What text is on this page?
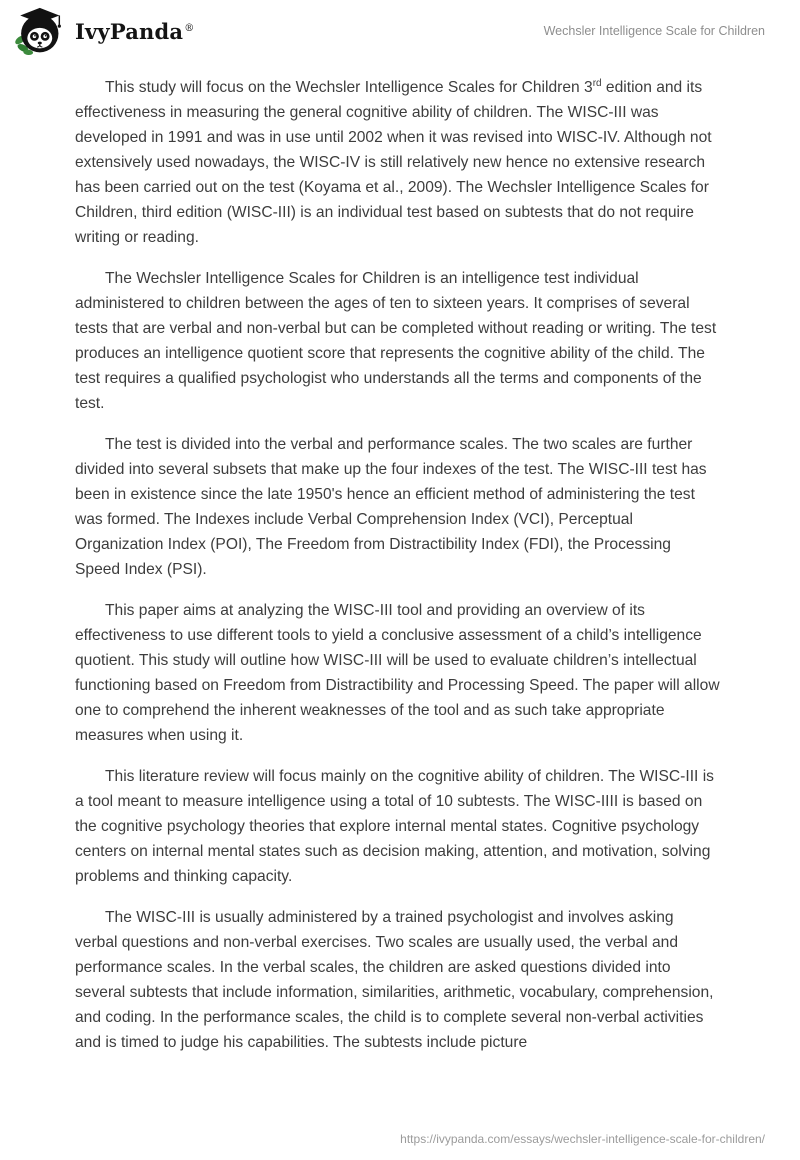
IvyPanda®	Wechsler Intelligence Scale for Children

This study will focus on the Wechsler Intelligence Scales for Children 3rd edition and its effectiveness in measuring the general cognitive ability of children. The WISC-III was developed in 1991 and was in use until 2002 when it was revised into WISC-IV. Although not extensively used nowadays, the WISC-IV is still relatively new hence no extensive research has been carried out on the test (Koyama et al., 2009). The Wechsler Intelligence Scales for Children, third edition (WISC-III) is an individual test based on subtests that do not require writing or reading.

The Wechsler Intelligence Scales for Children is an intelligence test individual administered to children between the ages of ten to sixteen years. It comprises of several tests that are verbal and non-verbal but can be completed without reading or writing. The test produces an intelligence quotient score that represents the cognitive ability of the child. The test requires a qualified psychologist who understands all the terms and components of the test.

The test is divided into the verbal and performance scales. The two scales are further divided into several subsets that make up the four indexes of the test. The WISC-III test has been in existence since the late 1950's hence an efficient method of administering the test was formed. The Indexes include Verbal Comprehension Index (VCI), Perceptual Organization Index (POI), The Freedom from Distractibility Index (FDI), the Processing Speed Index (PSI).

This paper aims at analyzing the WISC-III tool and providing an overview of its effectiveness to use different tools to yield a conclusive assessment of a child’s intelligence quotient. This study will outline how WISC-III will be used to evaluate children’s intellectual functioning based on Freedom from Distractibility and Processing Speed. The paper will allow one to comprehend the inherent weaknesses of the tool and as such take appropriate measures when using it.

This literature review will focus mainly on the cognitive ability of children. The WISC-III is a tool meant to measure intelligence using a total of 10 subtests. The WISC-IIII is based on the cognitive psychology theories that explore internal mental states. Cognitive psychology centers on internal mental states such as decision making, attention, and motivation, solving problems and thinking capacity.

The WISC-III is usually administered by a trained psychologist and involves asking verbal questions and non-verbal exercises. Two scales are usually used, the verbal and performance scales. In the verbal scales, the children are asked questions divided into several subtests that include information, similarities, arithmetic, vocabulary, comprehension, and coding. In the performance scales, the child is to complete several non-verbal activities and is timed to judge his capabilities. The subtests include picture

https://ivypanda.com/essays/wechsler-intelligence-scale-for-children/
